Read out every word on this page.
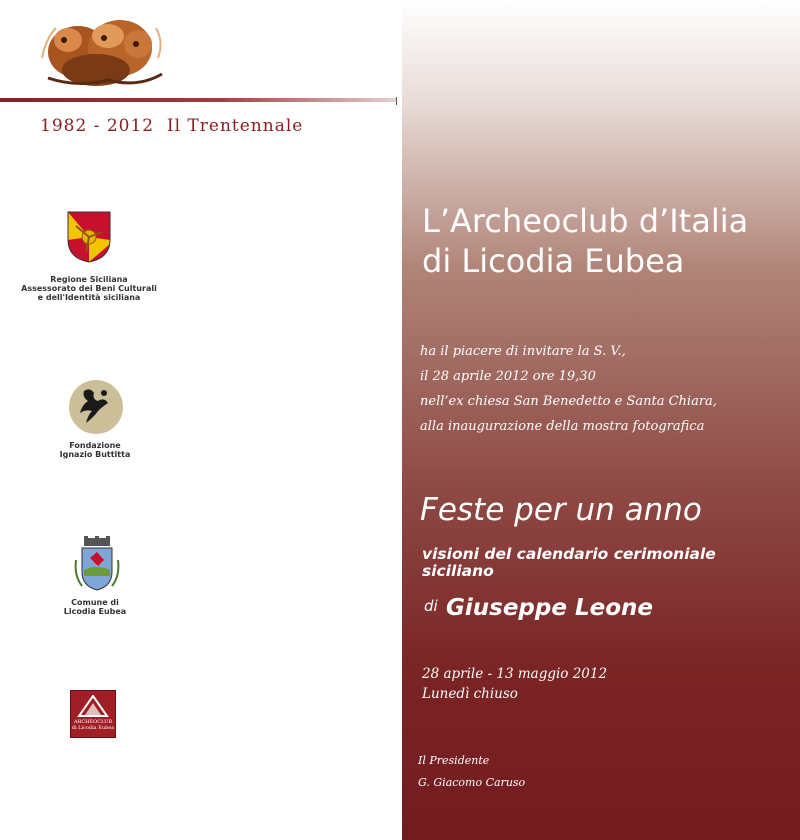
1982 - 2012  Il Trentennale
Regione Siciliana
Assessorato dei Beni Culturali
e dell'Identità siciliana
Fondazione
Ignazio Buttitta
Comune di
Licodia Eubea
ARCHEOCLUB
di Licodia Eubea
L’Archeoclub d’Italia
di Licodia Eubea
ha il piacere di invitare la S. V.,
il 28 aprile 2012 ore 19,30
nell’ex chiesa San Benedetto e Santa Chiara,
alla inaugurazione della mostra fotografica
Feste per un anno
visioni del calendario cerimoniale
siciliano
di Giuseppe Leone
28 aprile - 13 maggio 2012
Lunedì chiuso
Il Presidente
G. Giacomo Caruso
